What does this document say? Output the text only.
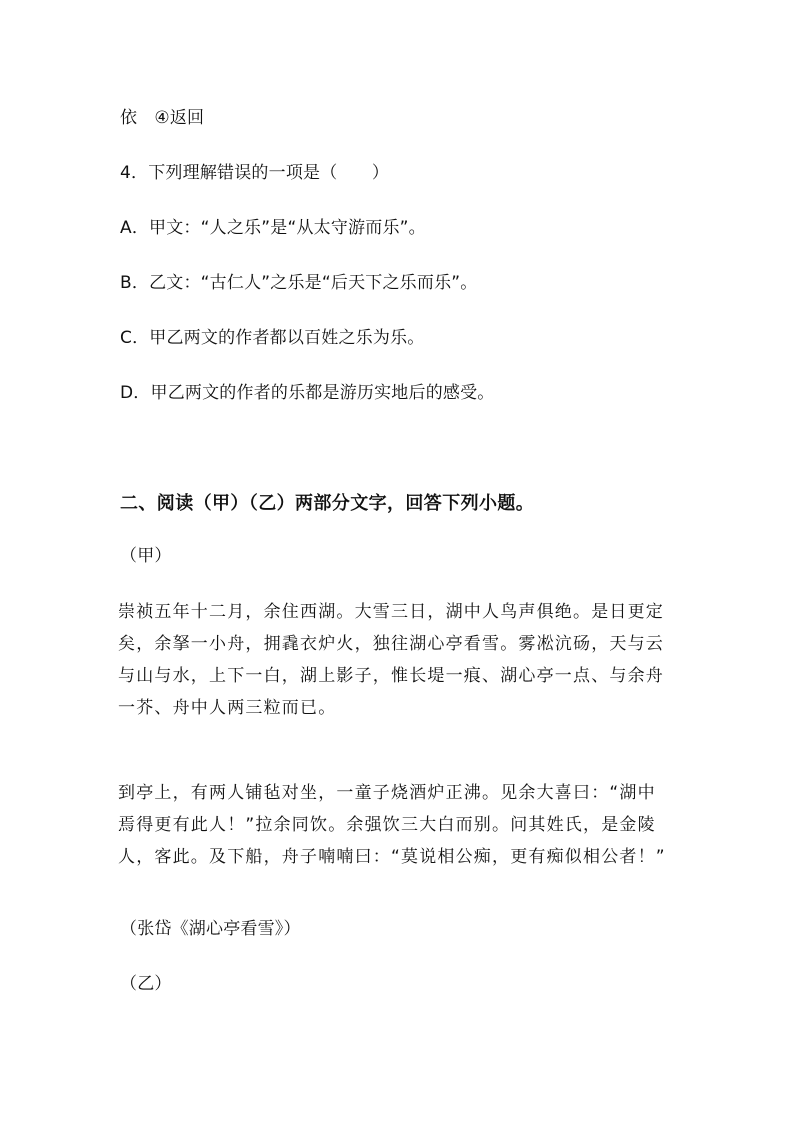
依　④返回
4．下列理解错误的一项是（　　）
A．甲文：“人之乐”是“从太守游而乐”。
B．乙文：“古仁人”之乐是“后天下之乐而乐”。
C．甲乙两文的作者都以百姓之乐为乐。
D．甲乙两文的作者的乐都是游历实地后的感受。
二、阅读（甲）（乙）两部分文字，回答下列小题。
（甲）
崇祯五年十二月，余住西湖。大雪三日，湖中人鸟声俱绝。是日更定
矣，余拏一小舟，拥毳衣炉火，独往湖心亭看雪。雾凇沆砀，天与云
与山与水，上下一白，湖上影子，惟长堤一痕、湖心亭一点、与余舟
一芥、舟中人两三粒而已。
到亭上，有两人铺毡对坐，一童子烧酒炉正沸。见余大喜曰：“湖中
焉得更有此人！”拉余同饮。余强饮三大白而别。问其姓氏，是金陵
人，客此。及下船，舟子喃喃曰：“莫说相公痴，更有痴似相公者！”
（张岱《湖心亭看雪》）
（乙）
